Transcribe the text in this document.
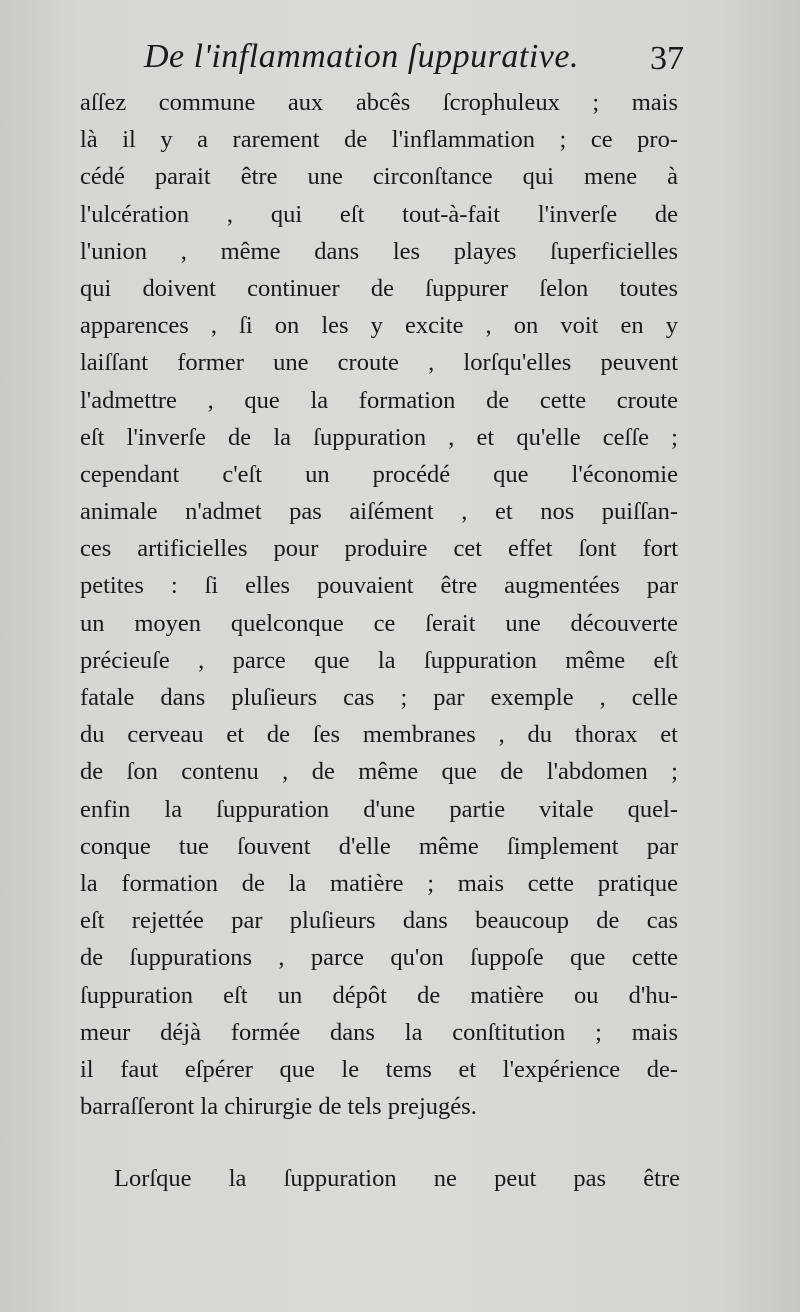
De l'inflammation ſuppurative. 37
aſſez commune aux abcês ſcrophuleux ; mais
là il y a rarement de l'inflammation ; ce pro-
cédé parait être une circonſtance qui mene à
l'ulcération , qui eſt tout-à-fait l'inverſe de
l'union , même dans les playes ſuperficielles
qui doivent continuer de ſuppurer ſelon toutes
apparences , ſi on les y excite , on voit en y
laiſſant former une croute , lorſqu'elles peuvent
l'admettre , que la formation de cette croute
eſt l'inverſe de la ſuppuration , et qu'elle ceſſe ;
cependant c'eſt un procédé que l'économie
animale n'admet pas aiſément , et nos puiſſan-
ces artificielles pour produire cet effet ſont fort
petites : ſi elles pouvaient être augmentées par
un moyen quelconque ce ſerait une découverte
précieuſe , parce que la ſuppuration même eſt
fatale dans pluſieurs cas ; par exemple , celle
du cerveau et de ſes membranes , du thorax et
de ſon contenu , de même que de l'abdomen ;
enfin la ſuppuration d'une partie vitale quel-
conque tue ſouvent d'elle même ſimplement par
la formation de la matière ; mais cette pratique
eſt rejettée par pluſieurs dans beaucoup de cas
de ſuppurations , parce qu'on ſuppoſe que cette
ſuppuration eſt un dépôt de matière ou d'hu-
meur déjà formée dans la conſtitution ; mais
il faut eſpérer que le tems et l'expérience de-
barraſſeront la chirurgie de tels prejugés.
Lorſque la ſuppuration ne peut pas être
